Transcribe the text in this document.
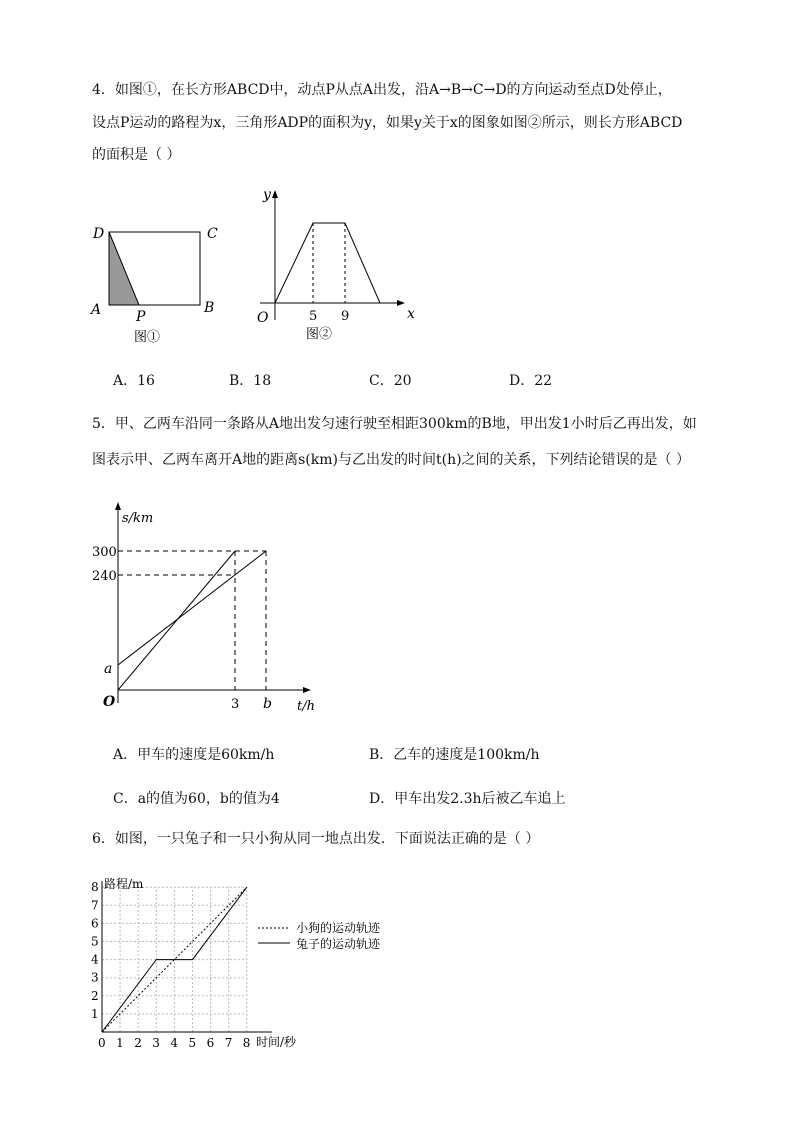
4．如图①，在长方形ABCD中，动点P从点A出发，沿A→B→C→D的方向运动至点D处停止，
设点P运动的路程为x，三角形ADP的面积为y，如果y关于x的图象如图②所示，则长方形ABCD
的面积是（ ）
D	C
A	B
P
图①
y
x
O	5 9
图②
A．16	B．18	C．20	D．22
5．甲、乙两车沿同一条路从A地出发匀速行驶至相距300km的B地，甲出发1小时后乙再出发，如
图表示甲、乙两车离开A地的距离s(km)与乙出发的时间t(h)之间的关系，下列结论错误的是（ ）
s/km
t/h
300
240
a
O	3 b
A．甲车的速度是60km/h	B．乙车的速度是100km/h
C．a的值为60，b的值为4	D．甲车出发2.3h后被乙车追上
6．如图，一只兔子和一只小狗从同一地点出发．下面说法正确的是（ ）
0 1 2 3 4 5 6 7 8
1
2
3
4
5
6
7
8 路程/m
时间/秒
小狗的运动轨迹
兔子的运动轨迹
